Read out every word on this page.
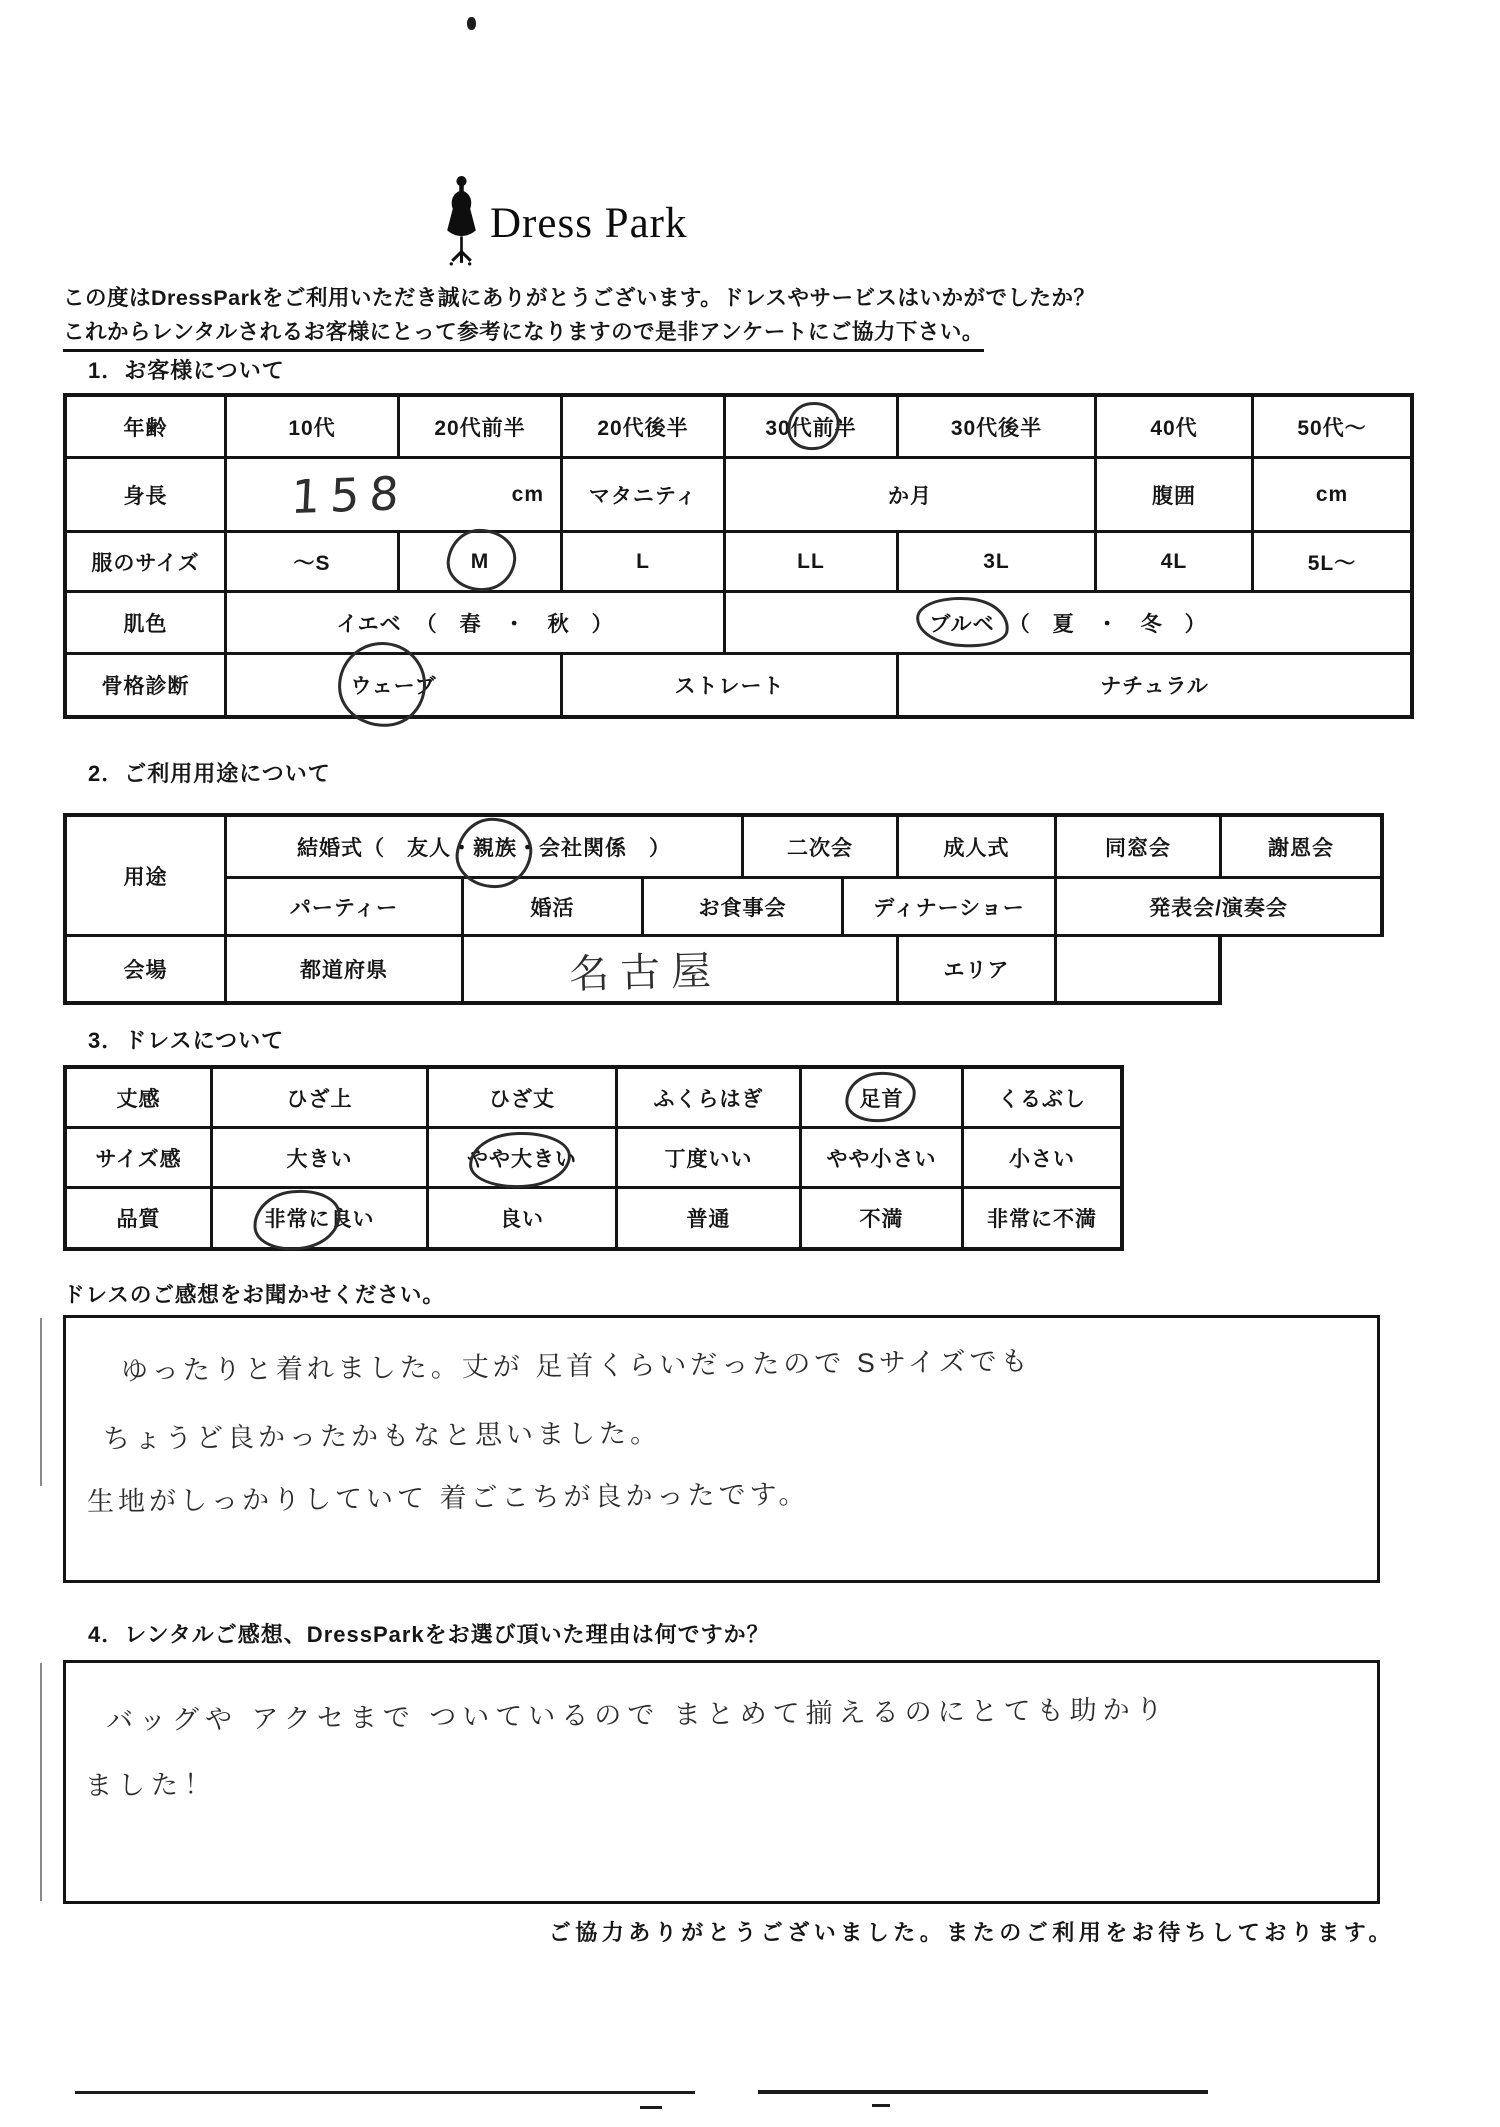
Dress Park
この度はDressParkをご利用いただき誠にありがとうございます。ドレスやサービスはいかがでしたか？
これからレンタルされるお客様にとって参考になりますので是非アンケートにご協力下さい。
1．お客様について
年齢	10代	20代前半	20代後半	30代前半	30代後半	40代	50代～
身長	158	cm	マタニティ	か月	腹囲	cm
服のサイズ	～S	M	L	LL	3L	4L	5L～
肌色	イエベ （　春　・　秋　）	ブルベ （　夏　・　冬　）
骨格診断	ウェーブ	ストレート	ナチュラル
2．ご利用用途について
用途
結婚式（　友人・ 親族 ・会社関係　）	二次会	成人式	同窓会	謝恩会
パーティー	婚活	お食事会	ディナーショー	発表会/演奏会
会場	都道府県	名古屋	エリア
3．ドレスについて
丈感	ひざ上	ひざ丈	ふくらはぎ	足首	くるぶし
サイズ感	大きい	やや大きい	丁度いい	やや小さい	小さい
品質	非常に良い	良い	普通	不満	非常に不満
ドレスのご感想をお聞かせください。
ゆったりと着れました。丈が 足首くらいだったので Sサイズでも
ちょうど良かったかもなと思いました。
生地がしっかりしていて 着ごこちが良かったです。
4．レンタルご感想、DressParkをお選び頂いた理由は何ですか？
バッグや アクセまで ついているので まとめて揃えるのにとても助かり
ました！
ご協力ありがとうございました。またのご利用をお待ちしております。
